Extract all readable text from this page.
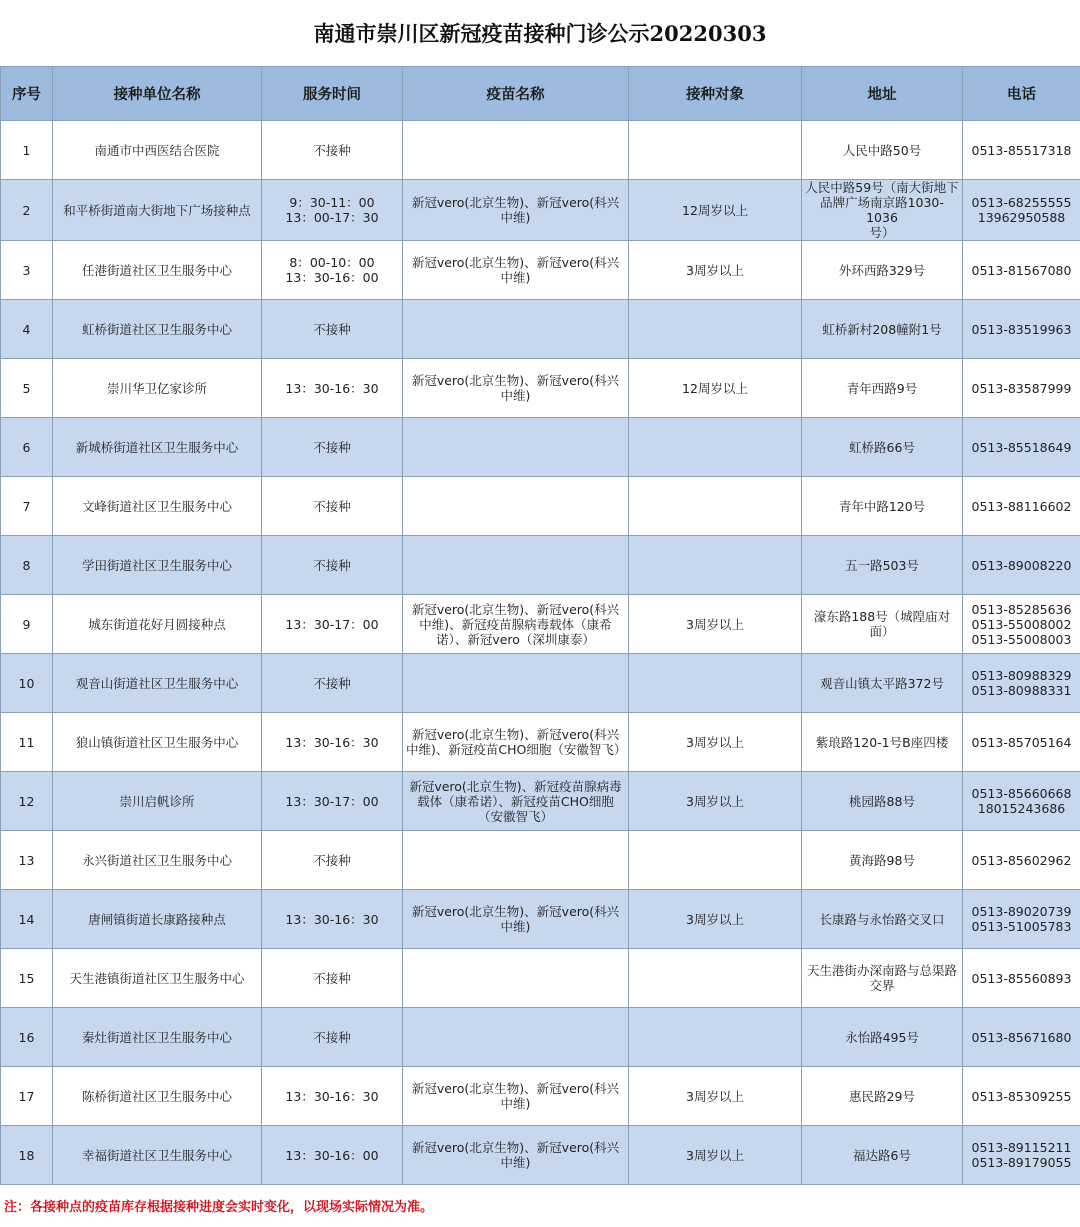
南通市崇川区新冠疫苗接种门诊公示20220303
序号	接种单位名称	服务时间	疫苗名称	接种对象	地址	电话
1	南通市中西医结合医院	不接种			人民中路50号	0513-85517318

2	和平桥街道南大街地下广场接种点	9：30-11：00
13：00-17：30	新冠vero(北京生物)、新冠vero(科兴
中维)	12周岁以上	人民中路59号（南大街地下
品牌广场南京路1030-1036
号）	0513-68255555
13962950588

3	任港街道社区卫生服务中心	8：00-10：00
13：30-16：00	新冠vero(北京生物)、新冠vero(科兴
中维)	3周岁以上	外环西路329号	0513-81567080

4	虹桥街道社区卫生服务中心	不接种			虹桥新村208幢附1号	0513-83519963

5	崇川华卫亿家诊所	13：30-16：30	新冠vero(北京生物)、新冠vero(科兴
中维)	12周岁以上	青年西路9号	0513-83587999

6	新城桥街道社区卫生服务中心	不接种			虹桥路66号	0513-85518649

7	文峰街道社区卫生服务中心	不接种			青年中路120号	0513-88116602

8	学田街道社区卫生服务中心	不接种			五一路503号	0513-89008220

9	城东街道花好月圆接种点	13：30-17：00	新冠vero(北京生物)、新冠vero(科兴
中维)、新冠疫苗腺病毒载体（康希
诺）、新冠vero（深圳康泰）	3周岁以上	濠东路188号（城隍庙对
面）	0513-85285636
0513-55008002
0513-55008003

10	观音山街道社区卫生服务中心	不接种			观音山镇太平路372号	0513-80988329
0513-80988331

11	狼山镇街道社区卫生服务中心	13：30-16：30	新冠vero(北京生物)、新冠vero(科兴
中维)、新冠疫苗CHO细胞（安徽智飞）	3周岁以上	紫琅路120-1号B座四楼	0513-85705164

12	崇川启帆诊所	13：30-17：00	新冠vero(北京生物)、新冠疫苗腺病毒
载体（康希诺）、新冠疫苗CHO细胞
（安徽智飞）	3周岁以上	桃园路88号	0513-85660668
18015243686

13	永兴街道社区卫生服务中心	不接种			黄海路98号	0513-85602962

14	唐闸镇街道长康路接种点	13：30-16：30	新冠vero(北京生物)、新冠vero(科兴
中维)	3周岁以上	长康路与永怡路交叉口	0513-89020739
0513-51005783

15	天生港镇街道社区卫生服务中心	不接种			天生港街办深南路与总渠路
交界	0513-85560893

16	秦灶街道社区卫生服务中心	不接种			永怡路495号	0513-85671680

17	陈桥街道社区卫生服务中心	13：30-16：30	新冠vero(北京生物)、新冠vero(科兴
中维)	3周岁以上	惠民路29号	0513-85309255

18	幸福街道社区卫生服务中心	13：30-16：00	新冠vero(北京生物)、新冠vero(科兴
中维)	3周岁以上	福达路6号	0513-89115211
0513-89179055
注：各接种点的疫苗库存根据接种进度会实时变化，以现场实际情况为准。
